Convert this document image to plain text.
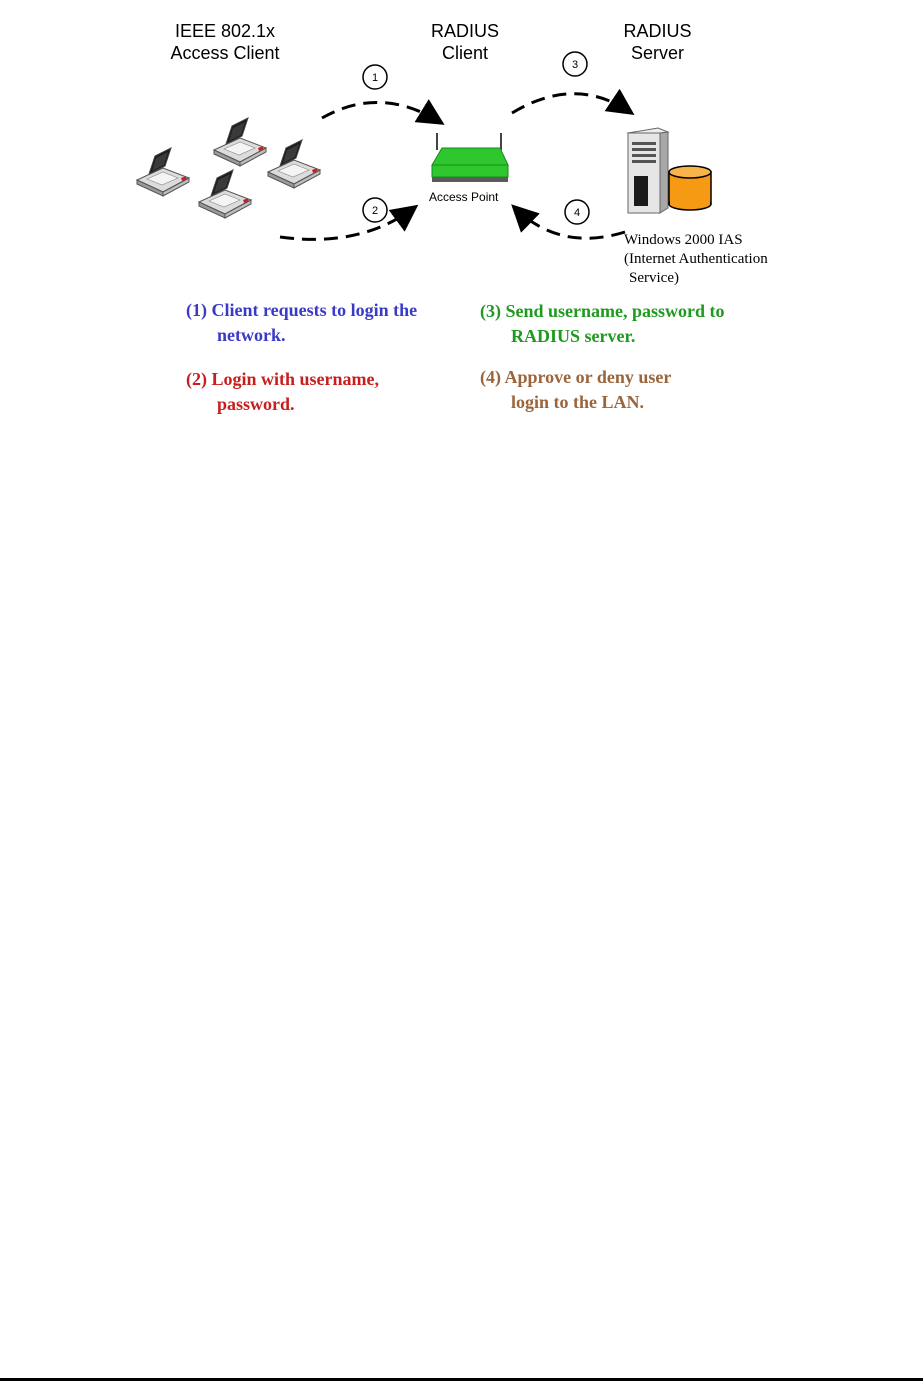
IEEE 802.1x
Access Client
RADIUS
Client
RADIUS
Server
1
2
3
4
Access Point
Windows 2000 IAS
(Internet Authentication
Service)
(1) Client requests to login the
network.
(2) Login with username,
password.
(3) Send username, password to
RADIUS server.
(4) Approve or deny user
login to the LAN.
